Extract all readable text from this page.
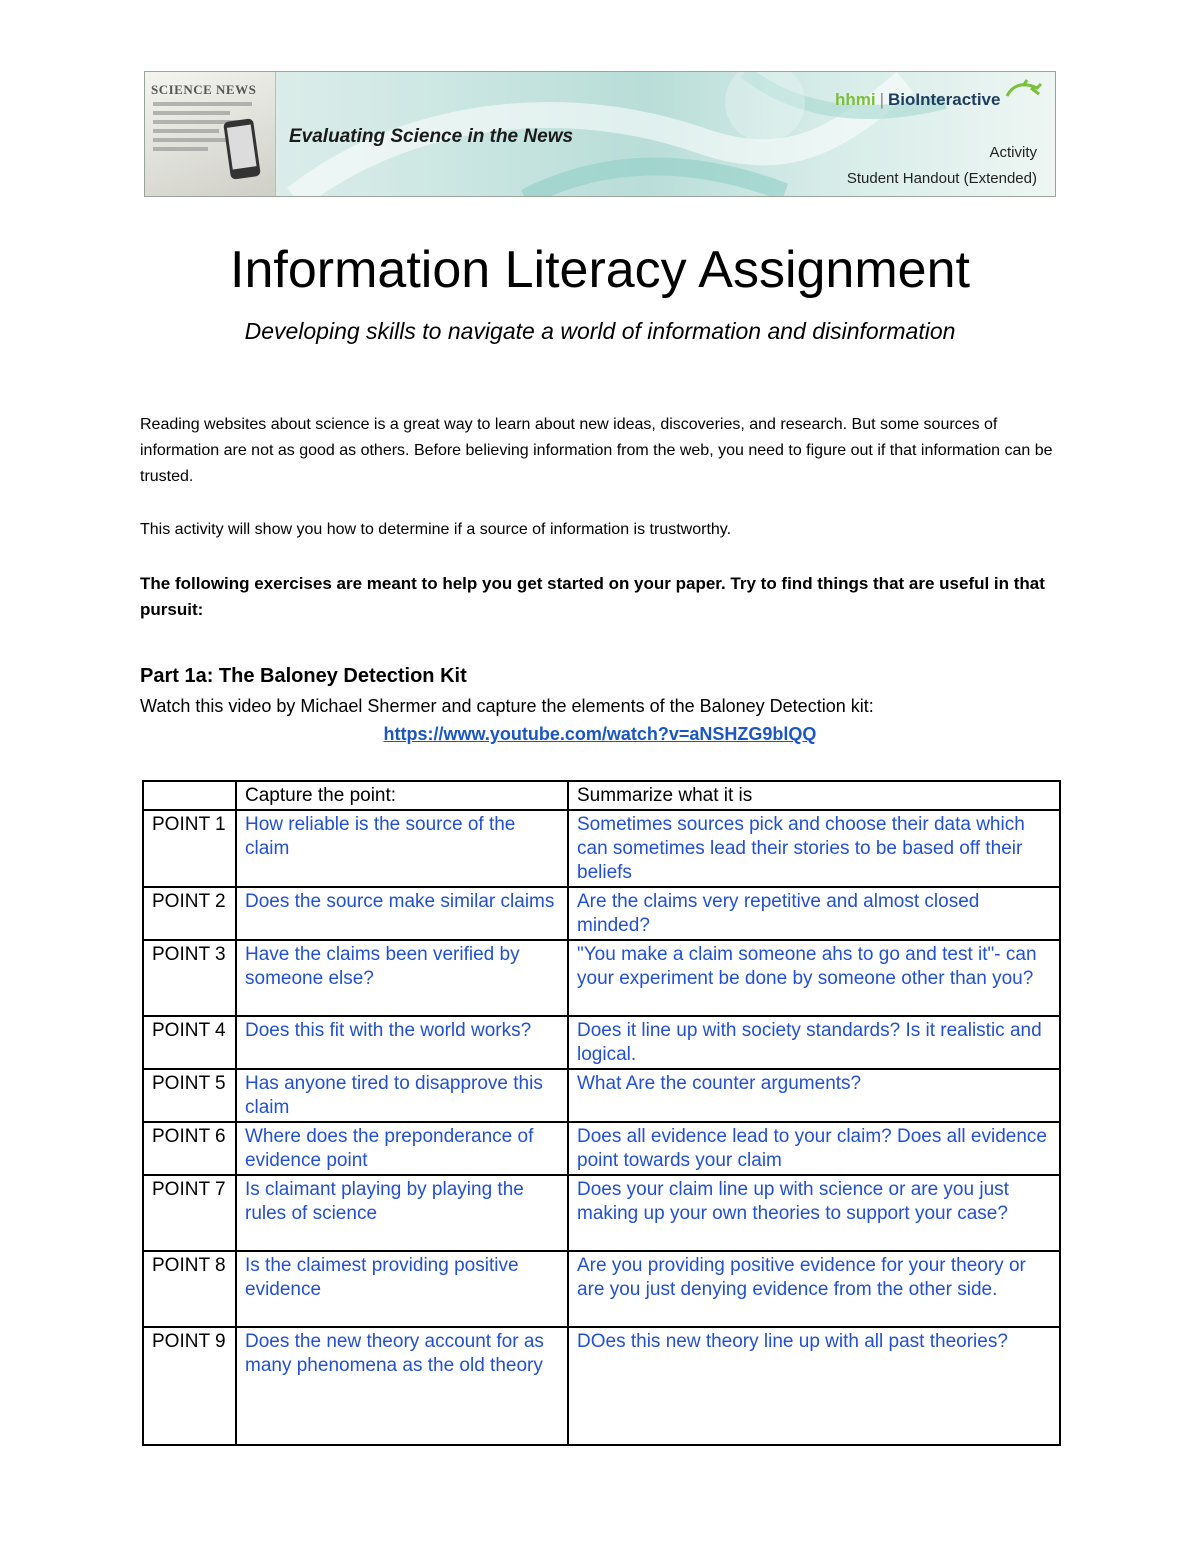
SCIENCE NEWS
Evaluating Science in the News
hhmi | BioInteractive
Activity
Student Handout (Extended)
Information Literacy Assignment
Developing skills to navigate a world of information and disinformation
Reading websites about science is a great way to learn about new ideas, discoveries, and research. But some sources of information are not as good as others. Before believing information from the web, you need to figure out if that information can be trusted.
This activity will show you how to determine if a source of information is trustworthy.
The following exercises are meant to help you get started on your paper. Try to find things that are useful in that pursuit:
Part 1a: The Baloney Detection Kit
Watch this video by Michael Shermer and capture the elements of the Baloney Detection kit:
https://www.youtube.com/watch?v=aNSHZG9blQQ
	Capture the point:	Summarize what it is
POINT 1	How reliable is the source of the claim	Sometimes sources pick and choose their data which can sometimes lead their stories to be based off their beliefs
POINT 2	Does the source make similar claims	Are the claims very repetitive and almost closed minded?
POINT 3	Have the claims been verified by someone else?	"You make a claim someone ahs to go and test it"- can your experiment be done by someone other than you?
POINT 4	Does this fit with the world works?	Does it line up with society standards? Is it realistic and logical.
POINT 5	Has anyone tired to disapprove this claim	What Are the counter arguments?
POINT 6	Where does the preponderance of evidence point	Does all evidence lead to your claim? Does all evidence point towards your claim
POINT 7	Is claimant playing by playing the rules of science	Does your claim line up with science or are you just making up your own theories to support your case?
POINT 8	Is the claimest providing positive evidence	Are you providing positive evidence for your theory or are you just denying evidence from the other side.
POINT 9	Does the new theory account for as many phenomena as the old theory	DOes this new theory line up with all past theories?
